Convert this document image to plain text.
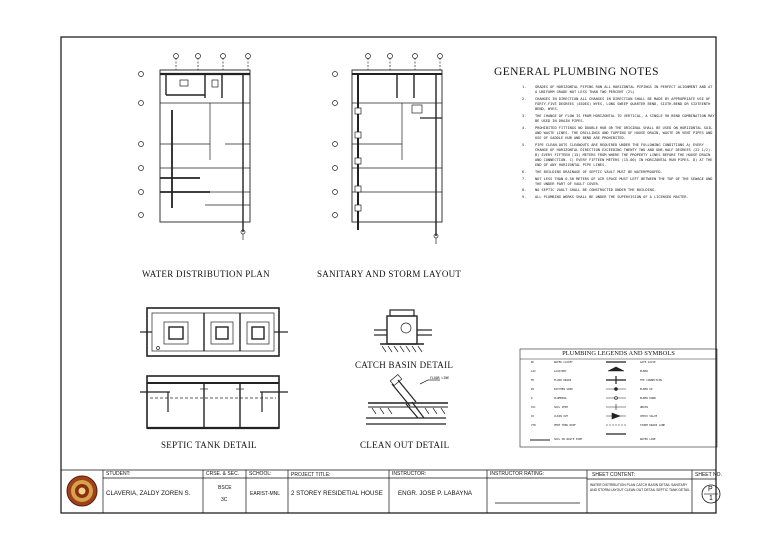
WATER DISTRIBUTION PLAN	SANITARY AND STORM LAYOUT
SEPTIC TANK DETAIL
CATCH BASIN DETAIL
CLEAN OUT DETAIL
FLOOR LINE
GENERAL PLUMBING NOTES
1. GRADES OF HORIZONTAL PIPING RUN ALL HORIZONTAL PIPINGS IN PERFECT ALIGNMENT AND AT A UNIFORM GRADE NOT LESS THAN TWO PERCENT (2%)
2. CHANGES IN DIRECTION ALL CHANGES IN DIRECTION SHALL BE MADE BY APPROPRIATE USE OF FORTY-FIVE DEGREES (45DEG) WYES, LONG SWEEP QUARTER BEND, SIXTH-BEND OR SIXTEENTH BEND, WYES.
3. THE CHANGE OF FLOW IS FROM HORIZONTAL TO VERTICAL, A SINGLE 90 BEND COMBINATION MAY BE USED IN DRAIN PIPES.
4. PROHIBITED FITTINGS NO DOUBLE HUB OR THE ORIGINAL SHALL BE USED ON HORIZONTAL SOIL AND WASTE LINES. THE DRILLINGS AND TAPPING OF HOUSE DRAIN, WASTE OR VENT PIPES AND USE OF SADDLE HUB AND BEND ARE PROHIBITED.
5. PIPE CLEAN-OUTS CLEANOUTS ARE REQUIRED UNDER THE FOLLOWING CONDITIONS A) EVERY CHANGE OF HORIZONTAL DIRECTION EXCEEDING TWENTY TWO AND ONE-HALF DEGREES (22 1/2). B) EVERY FIFTEEN (15) METERS FROM WHERE THE PROPERTY LINES BEFORE THE HOUSE DRAIN AND CONNECTION. C) EVERY FIFTEEN METERS (15.00) IN HORIZONTAL RUN PIPES. D) AT THE END OF ANY HORIZONTAL PIPE LINES.
6. THE BUILDING DRAINAGE OF SEPTIC VAULT MUST BE WATERPROOFED.
7. NOT LESS THAN 0.50 METERS OF AIR SPACE MUST LEFT BETWEEN THE TOP OF THE SEWAGE AND THE UNDER PART OF VAULT COVER.
8. NO SEPTIC VAULT SHALL BE CONSTRUCTED UNDER THE BUILDING.
9. ALL PLUMBING WORKS SHALL BE UNDER THE SUPERVISION OF A LICENSED MASTER.
PLUMBING LEGENDS AND SYMBOLS
WC	WATER CLOSET
LAV	LAVATORY
FD	FLOOR DRAIN
KS	KITCHEN SINK
P	PLUMBING
SVC	SOIL VENT
CO	CLEAN OUT
VTR	VENT THRU ROOF
SOIL OR WASTE PIPE
GATE VALVE
ELBOW
TEE CONNECTION
ELBOW UP
ELBOW DOWN
UNION
CHECK VALVE
STORM DRAIN LINE
WATER LINE
STUDENT:
CLAVERIA, ZALDY ZOREN S.
CRSE. & SEC.
BSCE
3C
SCHOOL:
EARIST-MNL
PROJECT TITLE:
2 STOREY RESIDETIAL HOUSE
INSTRUCTOR:
ENGR. JOSE P. LABAYNA
INSTRUCTOR RATING:	SHEET CONTENT:
WATER DISTRIBUTION PLAN CATCH BASIN DETAIL SANITARY AND STORM LAYOUT CLEAN OUT DETAIL SEPTIC TANK DETAIL
SHEET NO.
P
1
